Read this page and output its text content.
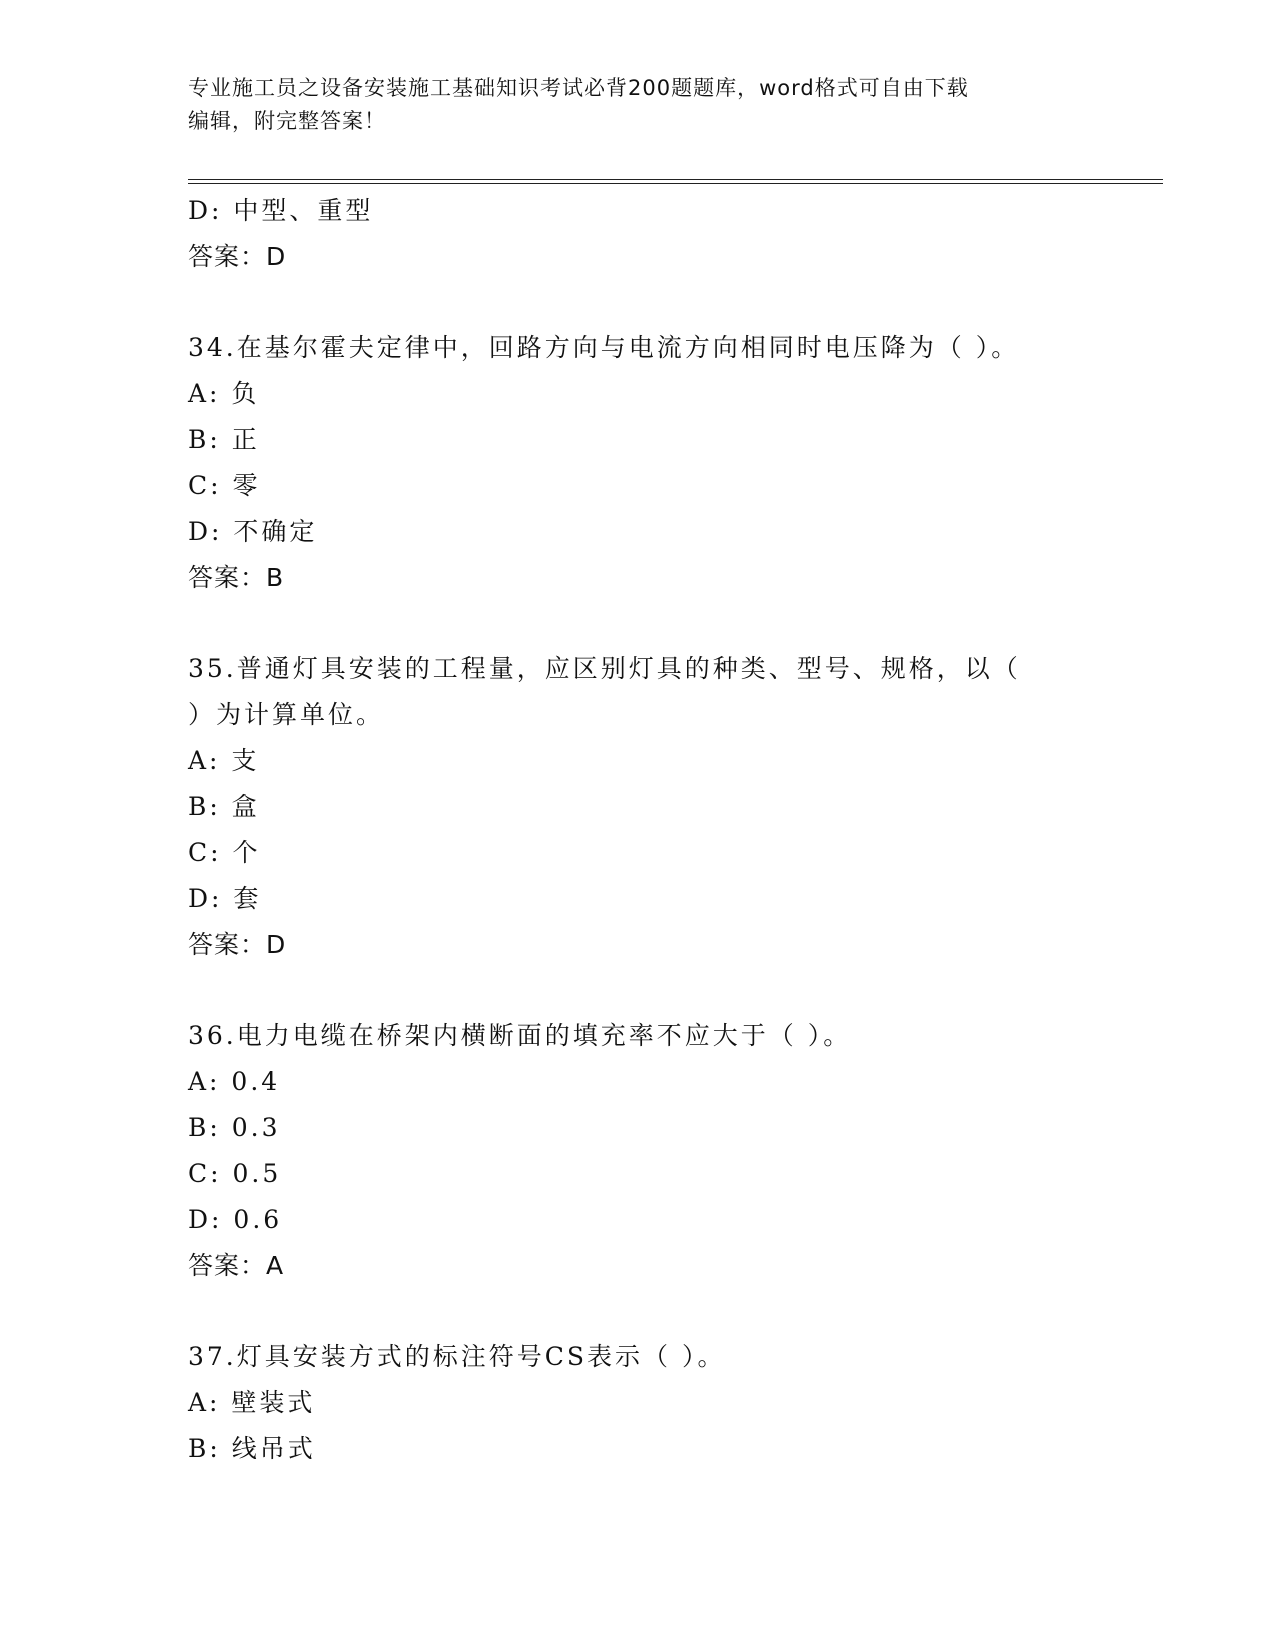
专业施工员之设备安装施工基础知识考试必背200题题库，word格式可自由下载
编辑，附完整答案！
D: 中型、重型
答案：D
34.在基尔霍夫定律中，回路方向与电流方向相同时电压降为（ ）。
A: 负
B: 正
C: 零
D: 不确定
答案：B
35.普通灯具安装的工程量，应区别灯具的种类、型号、规格，以（
）为计算单位。
A: 支
B: 盒
C: 个
D: 套
答案：D
36.电力电缆在桥架内横断面的填充率不应大于（ ）。
A: 0.4
B: 0.3
C: 0.5
D: 0.6
答案：A
37.灯具安装方式的标注符号CS表示（ ）。
A: 壁装式
B: 线吊式
